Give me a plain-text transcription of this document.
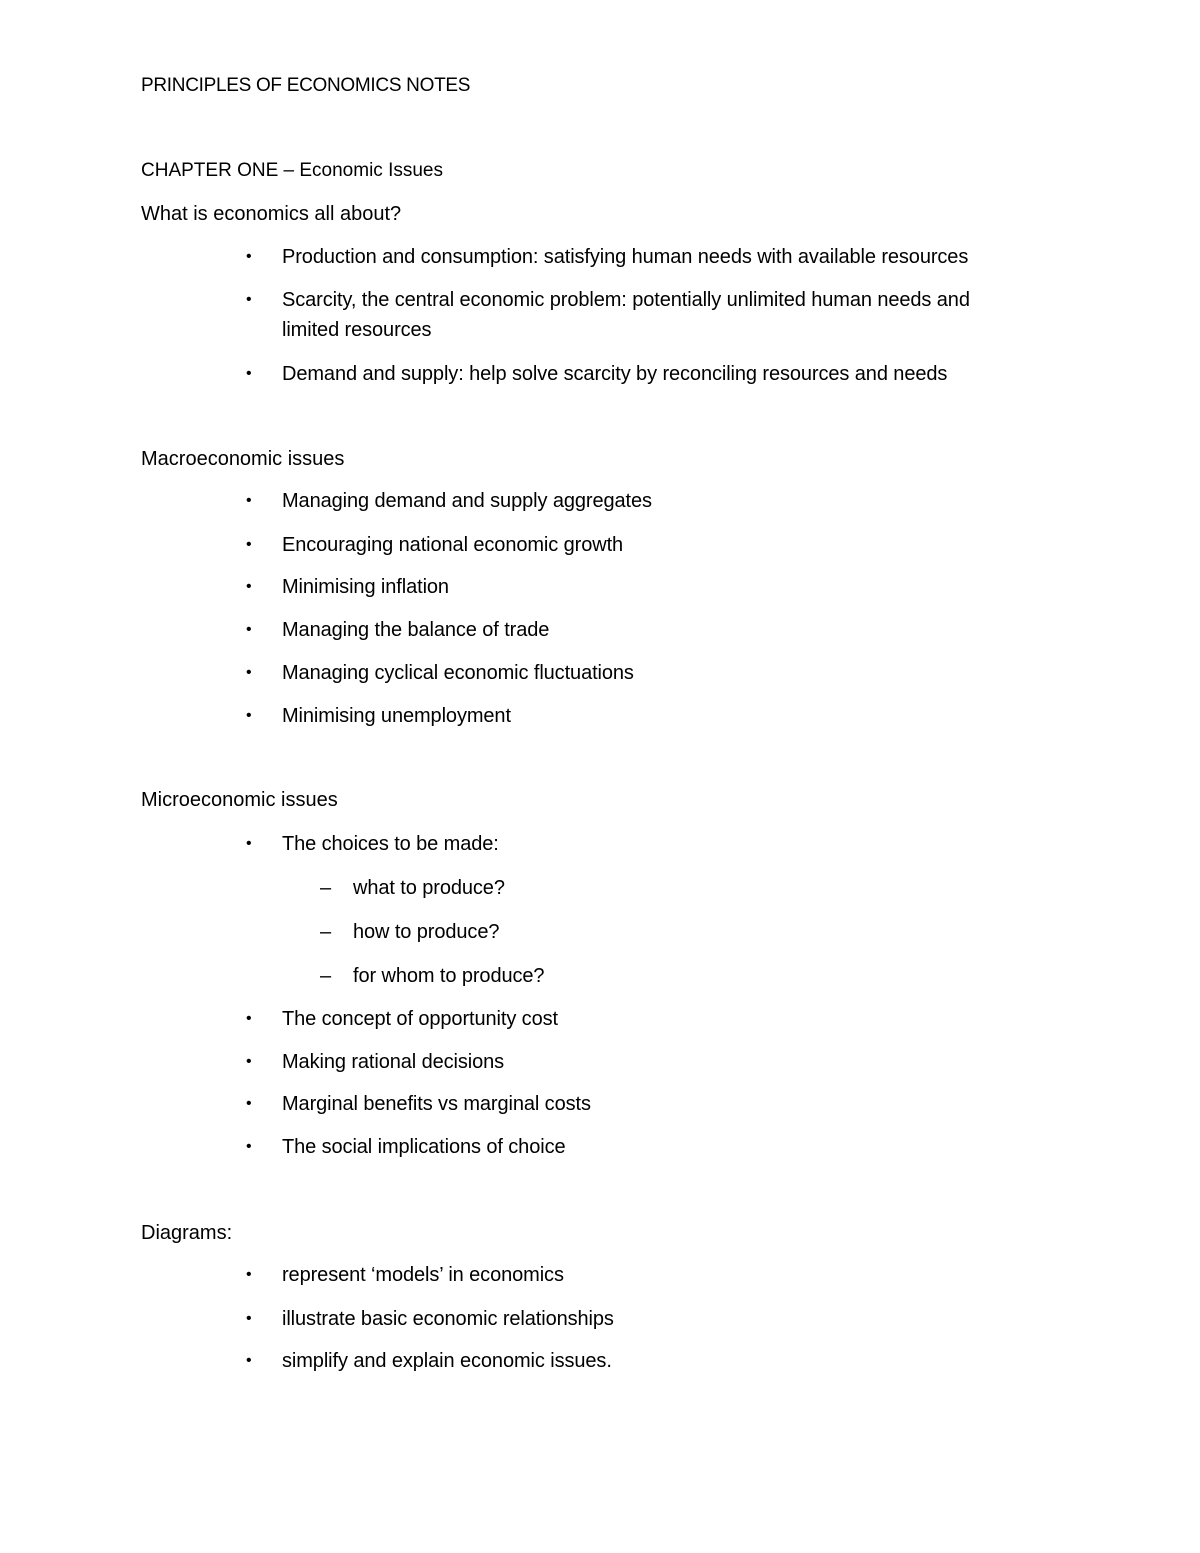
PRINCIPLES OF ECONOMICS NOTES
CHAPTER ONE – Economic Issues
What is economics all about?
• Production and consumption: satisfying human needs with available resources
• Scarcity, the central economic problem: potentially unlimited human needs and
limited resources
• Demand and supply: help solve scarcity by reconciling resources and needs
Macroeconomic issues
• Managing demand and supply aggregates
• Encouraging national economic growth
• Minimising inflation
• Managing the balance of trade
• Managing cyclical economic fluctuations
• Minimising unemployment
Microeconomic issues
• The choices to be made:
– what to produce?
– how to produce?
– for whom to produce?
• The concept of opportunity cost
• Making rational decisions
• Marginal benefits vs marginal costs
• The social implications of choice
Diagrams:
• represent ‘models’ in economics
• illustrate basic economic relationships
• simplify and explain economic issues.
